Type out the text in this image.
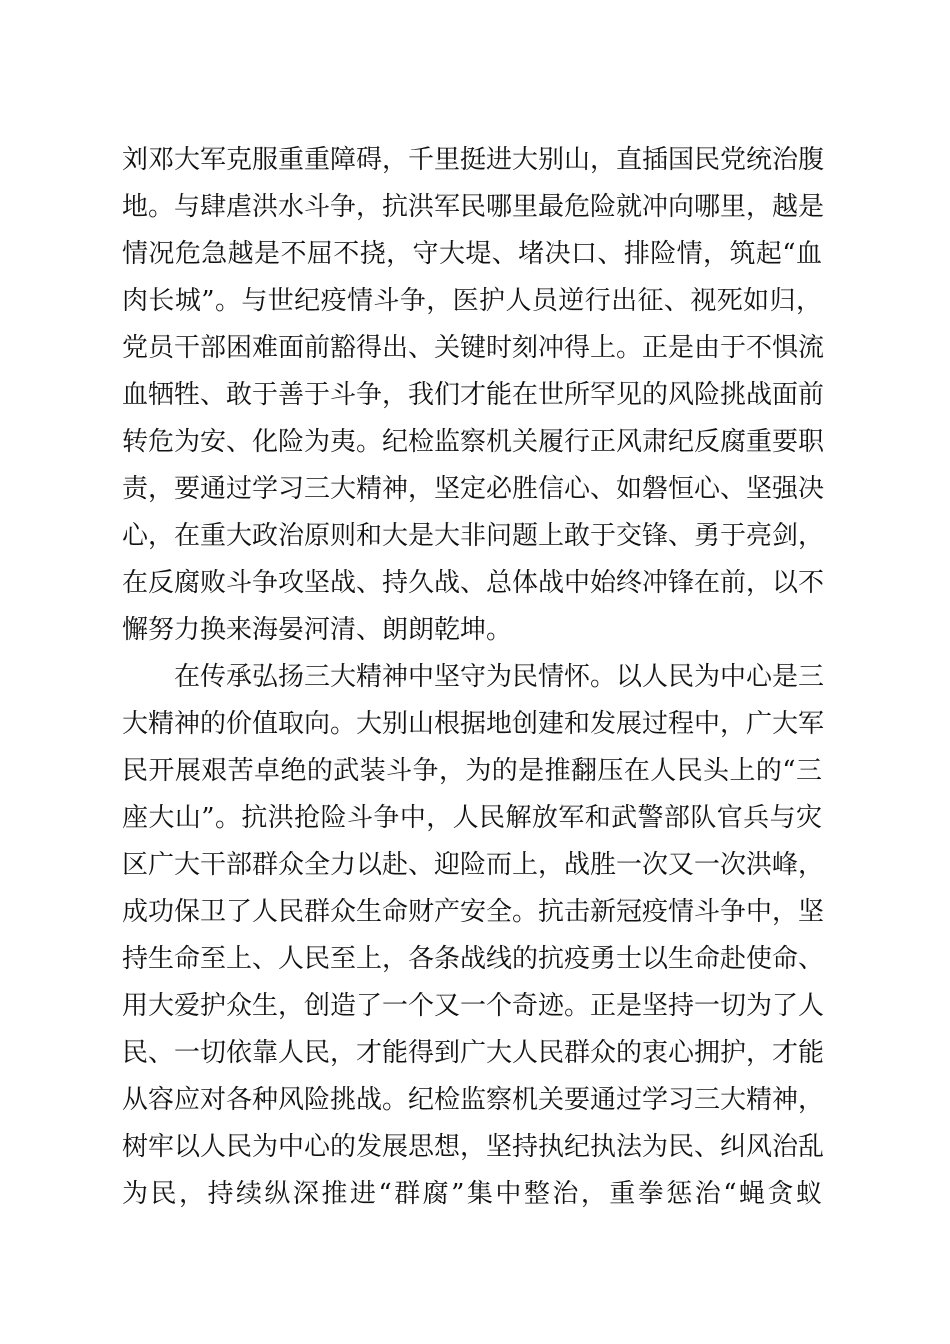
刘邓大军克服重重障碍，千里挺进大别山，直插国民党统治腹
地。与肆虐洪水斗争，抗洪军民哪里最危险就冲向哪里，越是
情况危急越是不屈不挠，守大堤、堵决口、排险情，筑起“血
肉长城”。与世纪疫情斗争，医护人员逆行出征、视死如归，
党员干部困难面前豁得出、关键时刻冲得上。正是由于不惧流
血牺牲、敢于善于斗争，我们才能在世所罕见的风险挑战面前
转危为安、化险为夷。纪检监察机关履行正风肃纪反腐重要职
责，要通过学习三大精神，坚定必胜信心、如磐恒心、坚强决
心，在重大政治原则和大是大非问题上敢于交锋、勇于亮剑，
在反腐败斗争攻坚战、持久战、总体战中始终冲锋在前，以不
懈努力换来海晏河清、朗朗乾坤。
在传承弘扬三大精神中坚守为民情怀。以人民为中心是三
大精神的价值取向。大别山根据地创建和发展过程中，广大军
民开展艰苦卓绝的武装斗争，为的是推翻压在人民头上的“三
座大山”。抗洪抢险斗争中，人民解放军和武警部队官兵与灾
区广大干部群众全力以赴、迎险而上，战胜一次又一次洪峰，
成功保卫了人民群众生命财产安全。抗击新冠疫情斗争中，坚
持生命至上、人民至上，各条战线的抗疫勇士以生命赴使命、
用大爱护众生，创造了一个又一个奇迹。正是坚持一切为了人
民、一切依靠人民，才能得到广大人民群众的衷心拥护，才能
从容应对各种风险挑战。纪检监察机关要通过学习三大精神，
树牢以人民为中心的发展思想，坚持执纪执法为民、纠风治乱
为民，持续纵深推进“群腐”集中整治，重拳惩治“蝇贪蚁
